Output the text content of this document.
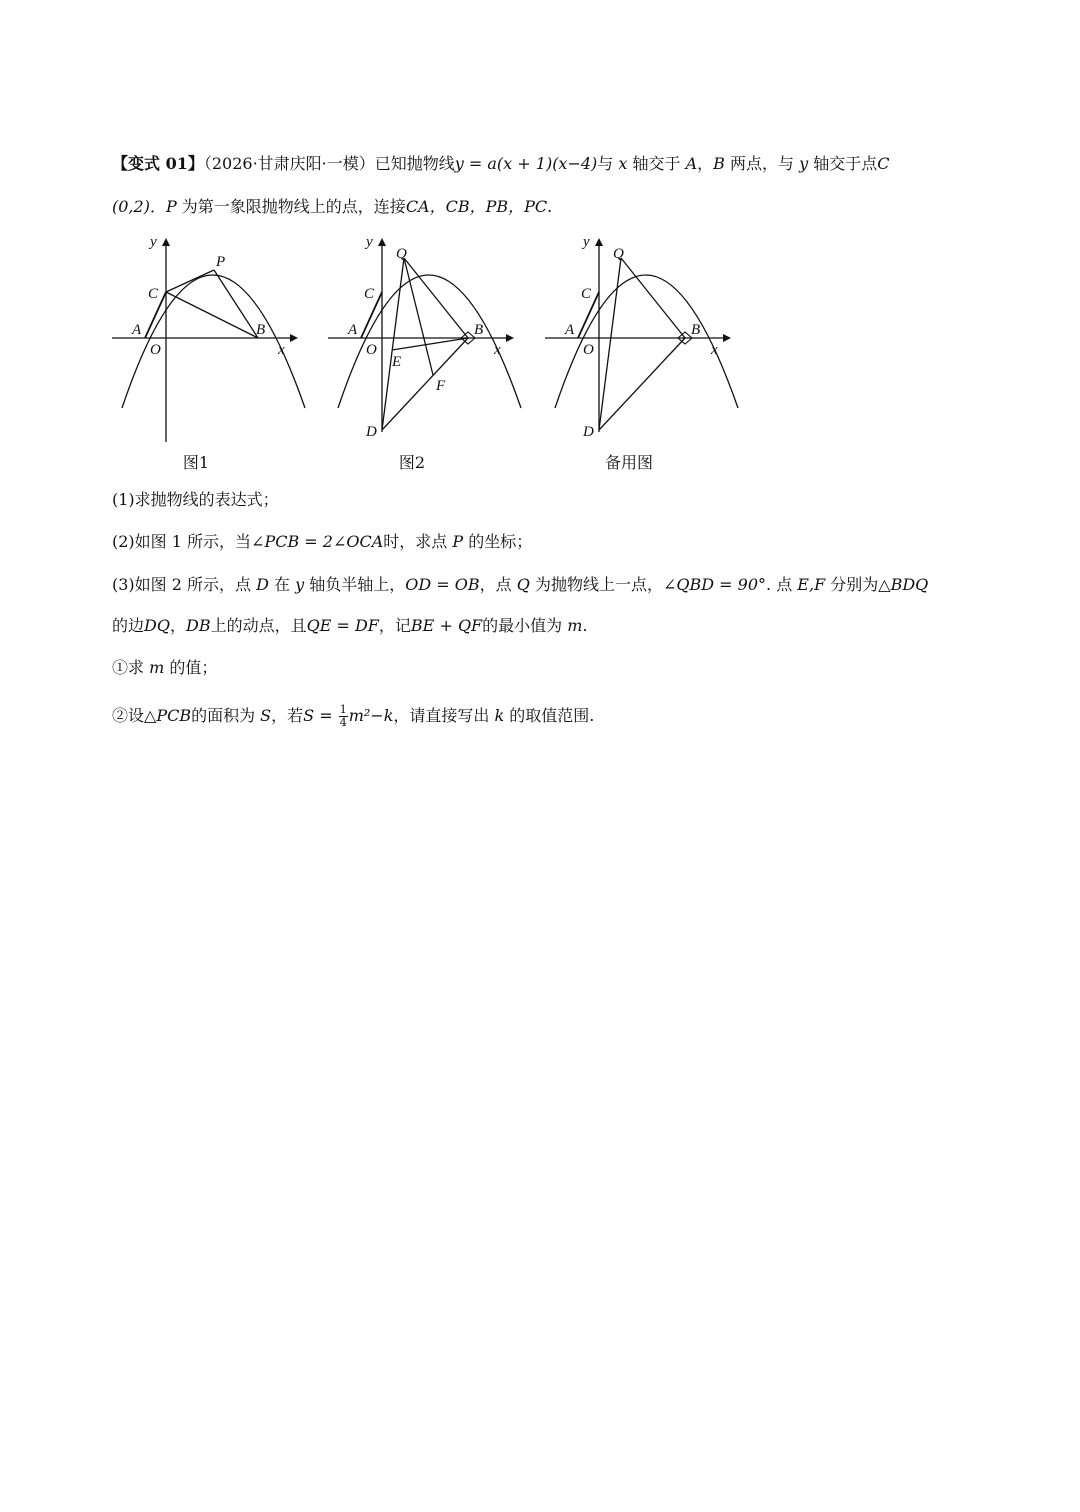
【变式 01】（2026·甘肃庆阳·一模）已知抛物线y = a(x + 1)(x−4)与 x 轴交于 A，B 两点，与 y 轴交于点C
(0,2)．P 为第一象限抛物线上的点，连接CA，CB，PB，PC.
y
x
O
A	B
C
P
图1
y
x
O
A	B
C
Q
D
E
F
图2
y
x
O
A	B
C
Q
D
备用图
(1)求抛物线的表达式；
(2)如图 1 所示，当∠PCB = 2∠OCA时，求点 P 的坐标；
(3)如图 2 所示，点 D 在 y 轴负半轴上，OD = OB，点 Q 为抛物线上一点，∠QBD = 90°. 点 E,F 分别为△BDQ
的边DQ，DB上的动点，且QE = DF，记BE + QF的最小值为 m.
①求 m 的值；
②设△PCB的面积为 S，若$S = \frac{1}{4} m^2-k$，请直接写出 k 的取值范围.
